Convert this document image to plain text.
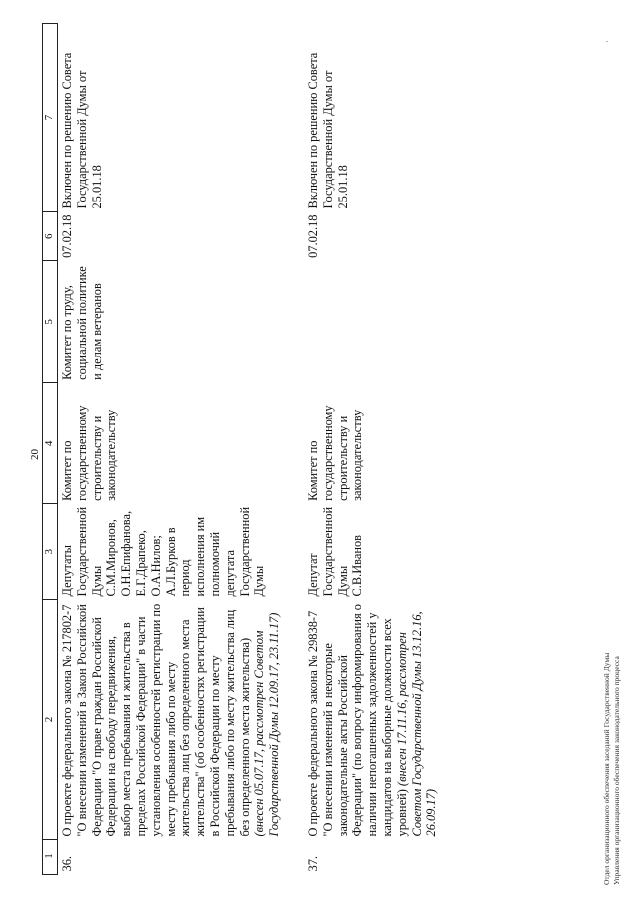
20
1	2	3	4	5	6	7
36.	О проекте федерального закона № 217802-7 "О внесении изменений в Закон Российской Федерации "О праве граждан Российской Федерации на свободу передвижения, выбор места пребывания и жительства в пределах Российской Федерации" в части установления особенностей регистрации по месту пребывания либо по месту жительства лиц без определенного места жительства" (об особенностях регистрации в Российской Федерации по месту пребывания либо по месту жительства лиц без определенного места жительства) (внесен 05.07.17, рассмотрен Советом Государственной Думы 12.09.17, 23.11.17)	Депутаты Государственной Думы С.М.Миронов, О.Н.Епифанова, Е.Г.Драпеко, О.А.Нилов; А.Л.Бурков в период исполнения им полномочий депутата Государственной Думы	Комитет по государственному строительству и законодательству	Комитет по труду, социальной политике и делам ветеранов	07.02.18	Включен по решению Совета Государственной Думы от 25.01.18
37.	О проекте федерального закона № 29838-7 "О внесении изменений в некоторые законодательные акты Российской Федерации" (по вопросу информирования о наличии непогашенных задолженностей у кандидатов на выборные должности всех уровней) (внесен 17.11.16, рассмотрен Советом Государственной Думы 13.12.16, 26.09.17)	Депутат Государственной Думы С.В.Иванов	Комитет по государственному строительству и законодательству		07.02.18	Включен по решению Совета Государственной Думы от 25.01.18
Отдел организационного обеспечения заседаний Государственной Думы Управления организационного обеспечения законодательного процесса
·
